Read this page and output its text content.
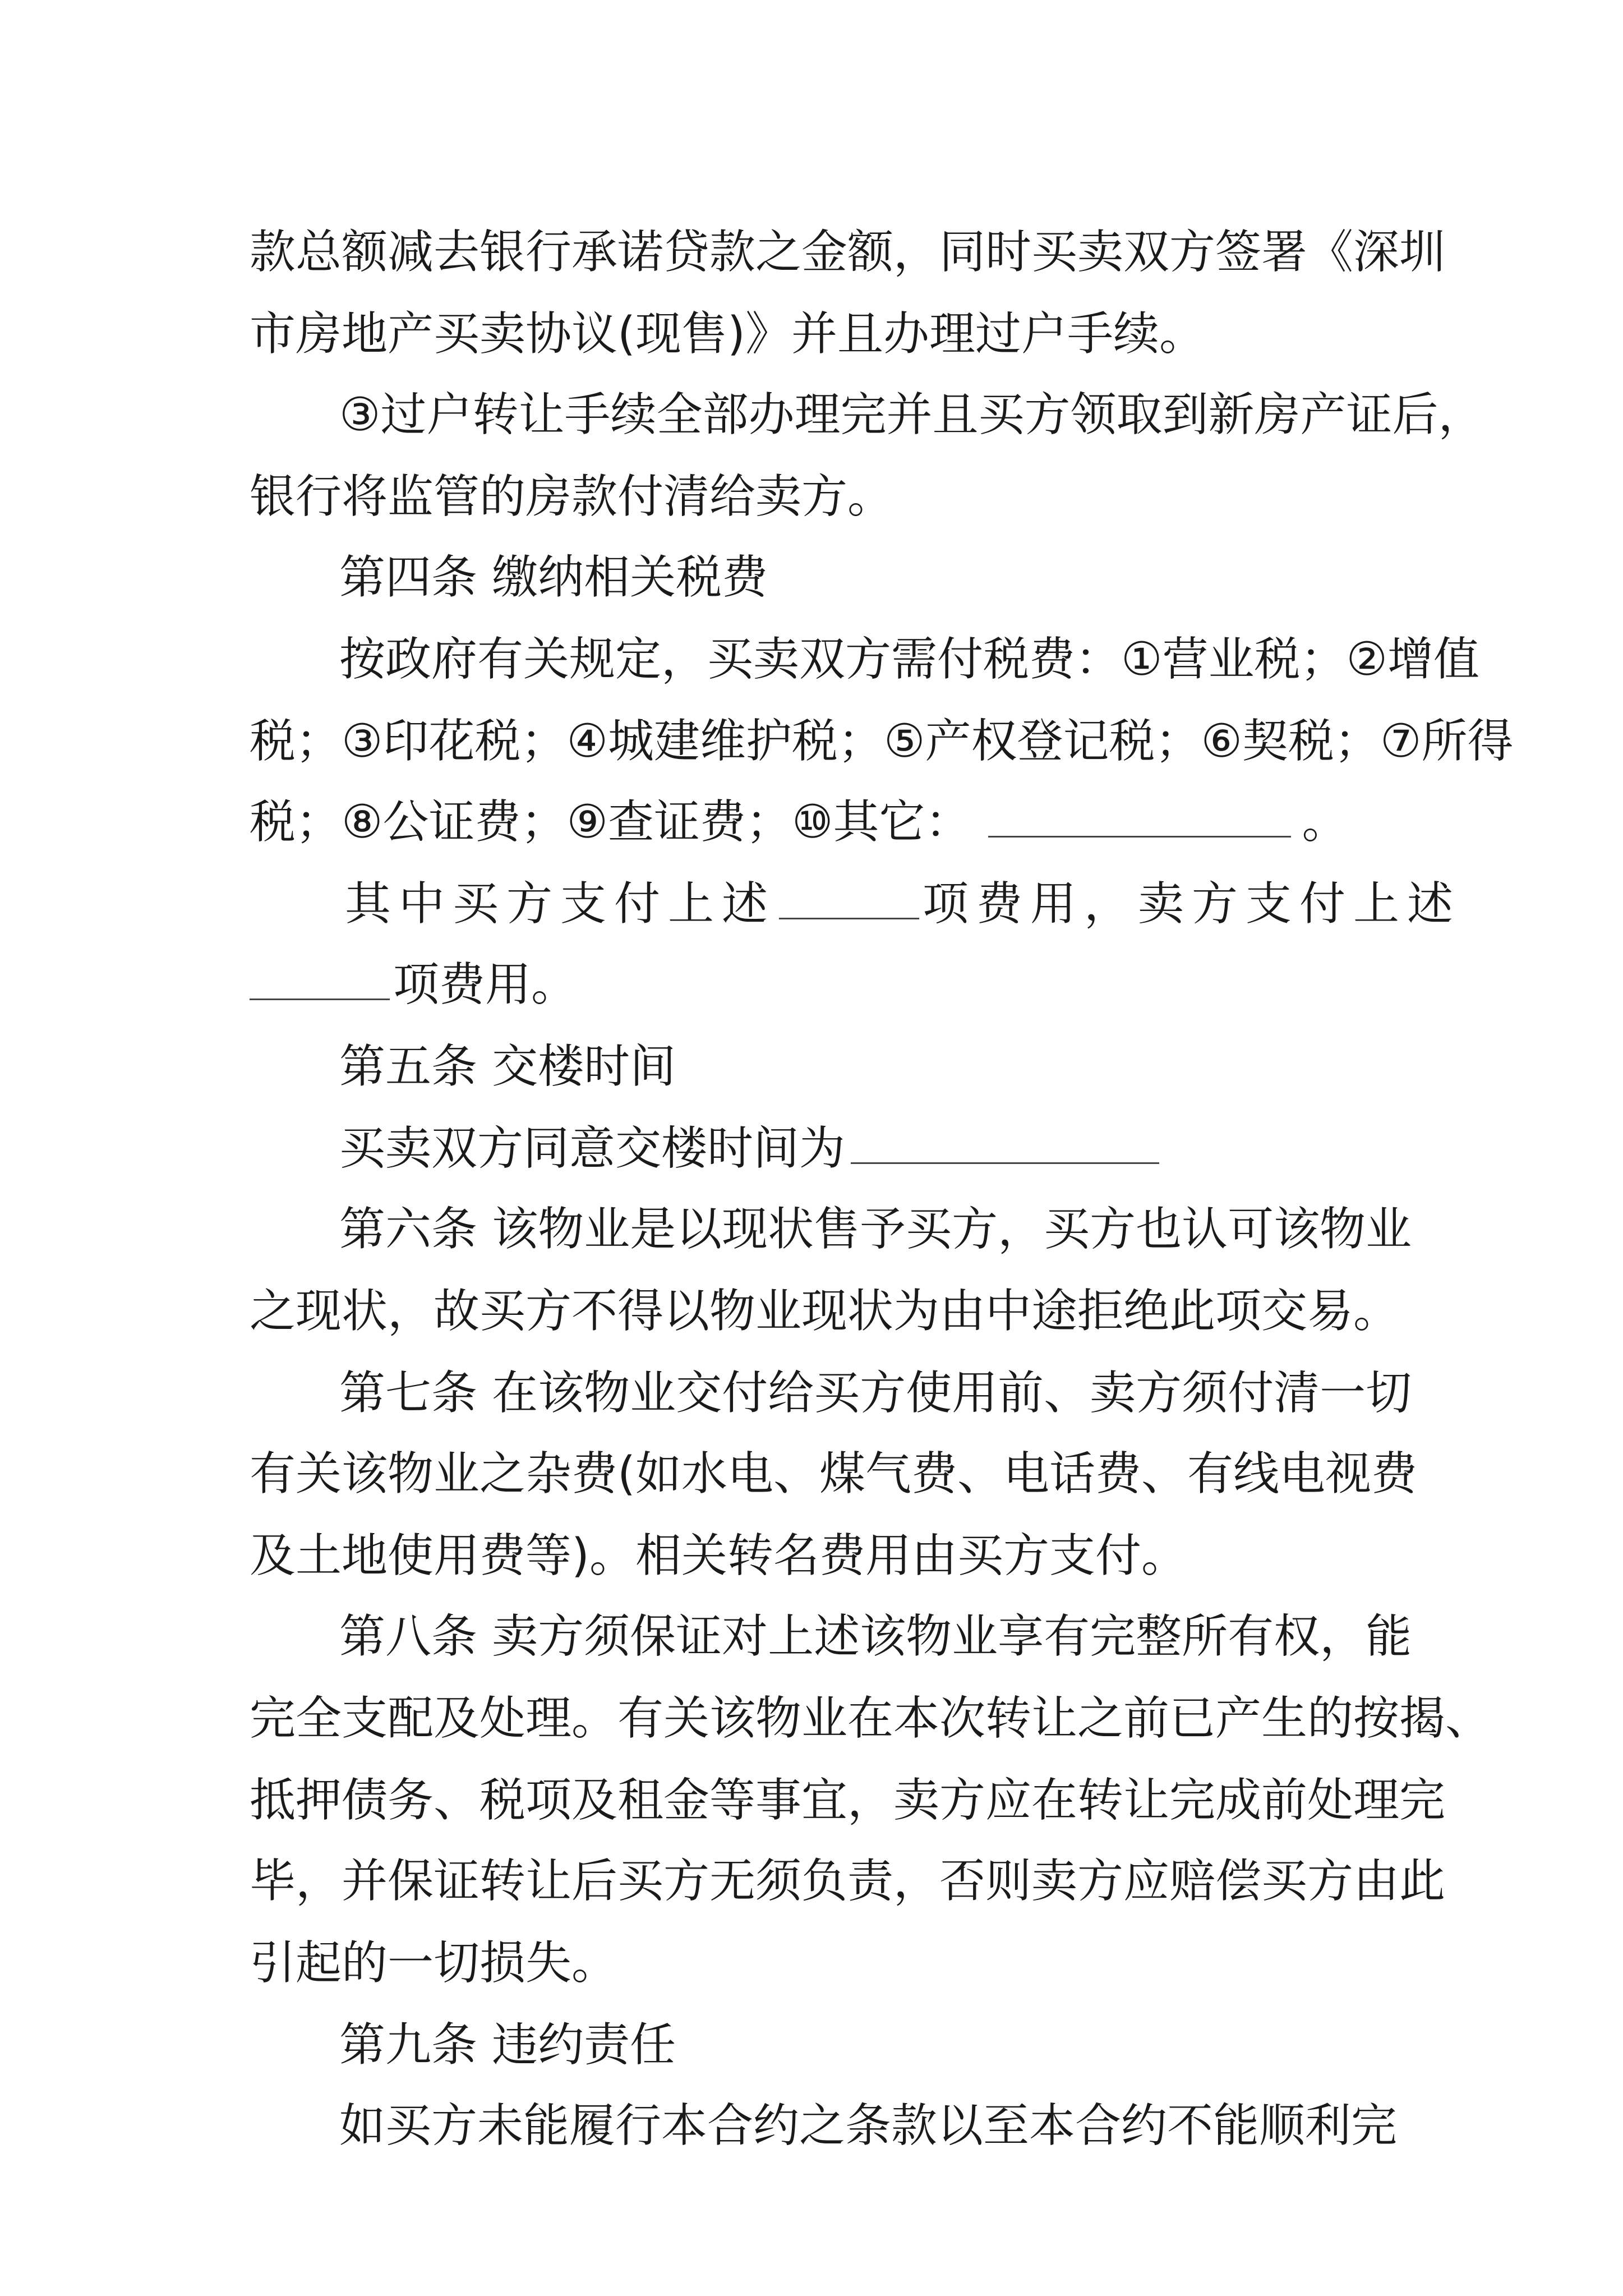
款总额减去银行承诺贷款之金额，同时买卖双方签署《深圳
市房地产买卖协议(现售)》并且办理过户手续。
③过户转让手续全部办理完并且买方领取到新房产证后，
银行将监管的房款付清给卖方。
第四条 缴纳相关税费
按政府有关规定，买卖双方需付税费：①营业税；②增值
税；③印花税；④城建维护税；⑤产权登记税；⑥契税；⑦所得
税；⑧公证费；⑨查证费；⑩其它：	。
其中买方支付上述	项费用，卖方支付上述
项费用。
第五条 交楼时间
买卖双方同意交楼时间为
第六条 该物业是以现状售予买方，买方也认可该物业
之现状，故买方不得以物业现状为由中途拒绝此项交易。
第七条 在该物业交付给买方使用前、卖方须付清一切
有关该物业之杂费(如水电、煤气费、电话费、有线电视费
及土地使用费等)。相关转名费用由买方支付。
第八条 卖方须保证对上述该物业享有完整所有权，能
完全支配及处理。有关该物业在本次转让之前已产生的按揭、
抵押债务、税项及租金等事宜，卖方应在转让完成前处理完
毕，并保证转让后买方无须负责，否则卖方应赔偿买方由此
引起的一切损失。
第九条 违约责任
如买方未能履行本合约之条款以至本合约不能顺利完
